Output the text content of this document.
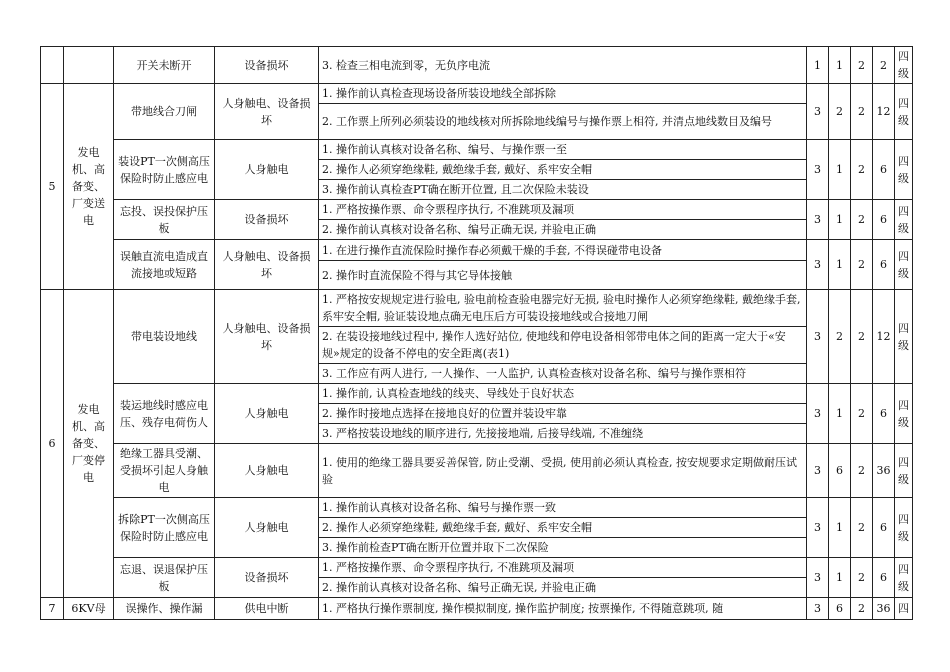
		开关未断开	设备损坏	3. 检查三相电流到零，无负序电流	1	1	2	2	四级
5	发电机、高备变、厂变送电	带地线合刀闸	人身触电、设备损坏	1. 操作前认真检查现场设备所装设地线全部拆除	3	2	2	12	四级
				2. 工作票上所列必须装设的地线核对所拆除地线编号与操作票上相符, 并清点地线数目及编号					
		装设PT一次侧高压保险时防止感应电	人身触电	1. 操作前认真核对设备名称、编号、与操作票一至	3	1	2	6	四级
				2. 操作人必须穿绝缘鞋, 戴绝缘手套, 戴好、系牢安全帽					
				3. 操作前认真检查PT确在断开位置, 且二次保险未装设					
		忘投、误投保护压板	设备损坏	1. 严格按操作票、命令票程序执行, 不准跳项及漏项	3	1	2	6	四级
				2. 操作前认真核对设备名称、编号正确无误, 并验电正确					
		误触直流电造成直流接地或短路	人身触电、设备损坏	1. 在进行操作直流保险时操作春必须戴干燥的手套, 不得误碰带电设备	3	1	2	6	四级
				2. 操作时直流保险不得与其它导体接触					
6	发电机、高备变、厂变停电	带电装设地线	人身触电、设备损坏	1. 严格按安规规定进行验电, 验电前检查验电器完好无损, 验电时操作人必须穿绝缘鞋, 戴绝缘手套, 系牢安全帽, 验证装设地点确无电压后方可装设接地线或合接地刀闸	3	2	2	12	四级
				2. 在装设接地线过程中, 操作人选好站位, 使地线和停电设备相邻带电体之间的距离一定大于«安规»规定的设备不停电的安全距离(表1)					
				3. 工作应有两人进行, 一人操作、一人监护, 认真检查核对设备名称、编号与操作票相符					
		装运地线时感应电压、残存电荷伤人	人身触电	1. 操作前, 认真检查地线的线夹、导线处于良好状态	3	1	2	6	四级
				2. 操作时接地点选择在接地良好的位置并装设牢靠					
				3. 严格按装设地线的顺序进行, 先接接地端, 后接导线端, 不准缠绕					
		绝缘工器具受潮、受损坏引起人身触电	人身触电	1. 使用的绝缘工器具要妥善保管, 防止受潮、受损, 使用前必须认真检查, 按安规要求定期做耐压试验	3	6	2	36	四级
		拆除PT一次侧高压保险时防止感应电	人身触电	1. 操作前认真核对设备名称、编号与操作票一致	3	1	2	6	四级
				2. 操作人必须穿绝缘鞋, 戴绝缘手套, 戴好、系牢安全帽					
				3. 操作前检查PT确在断开位置并取下二次保险					
		忘退、误退保护压板	设备损坏	1. 严格按操作票、命令票程序执行, 不准跳项及漏项	3	1	2	6	四级
				2. 操作前认真核对设备名称、编号正确无误, 并验电正确					
7	6KV母	误操作、操作漏	供电中断	1. 严格执行操作票制度, 操作模拟制度, 操作监护制度; 按票操作, 不得随意跳项, 随	3	6	2	36	四
